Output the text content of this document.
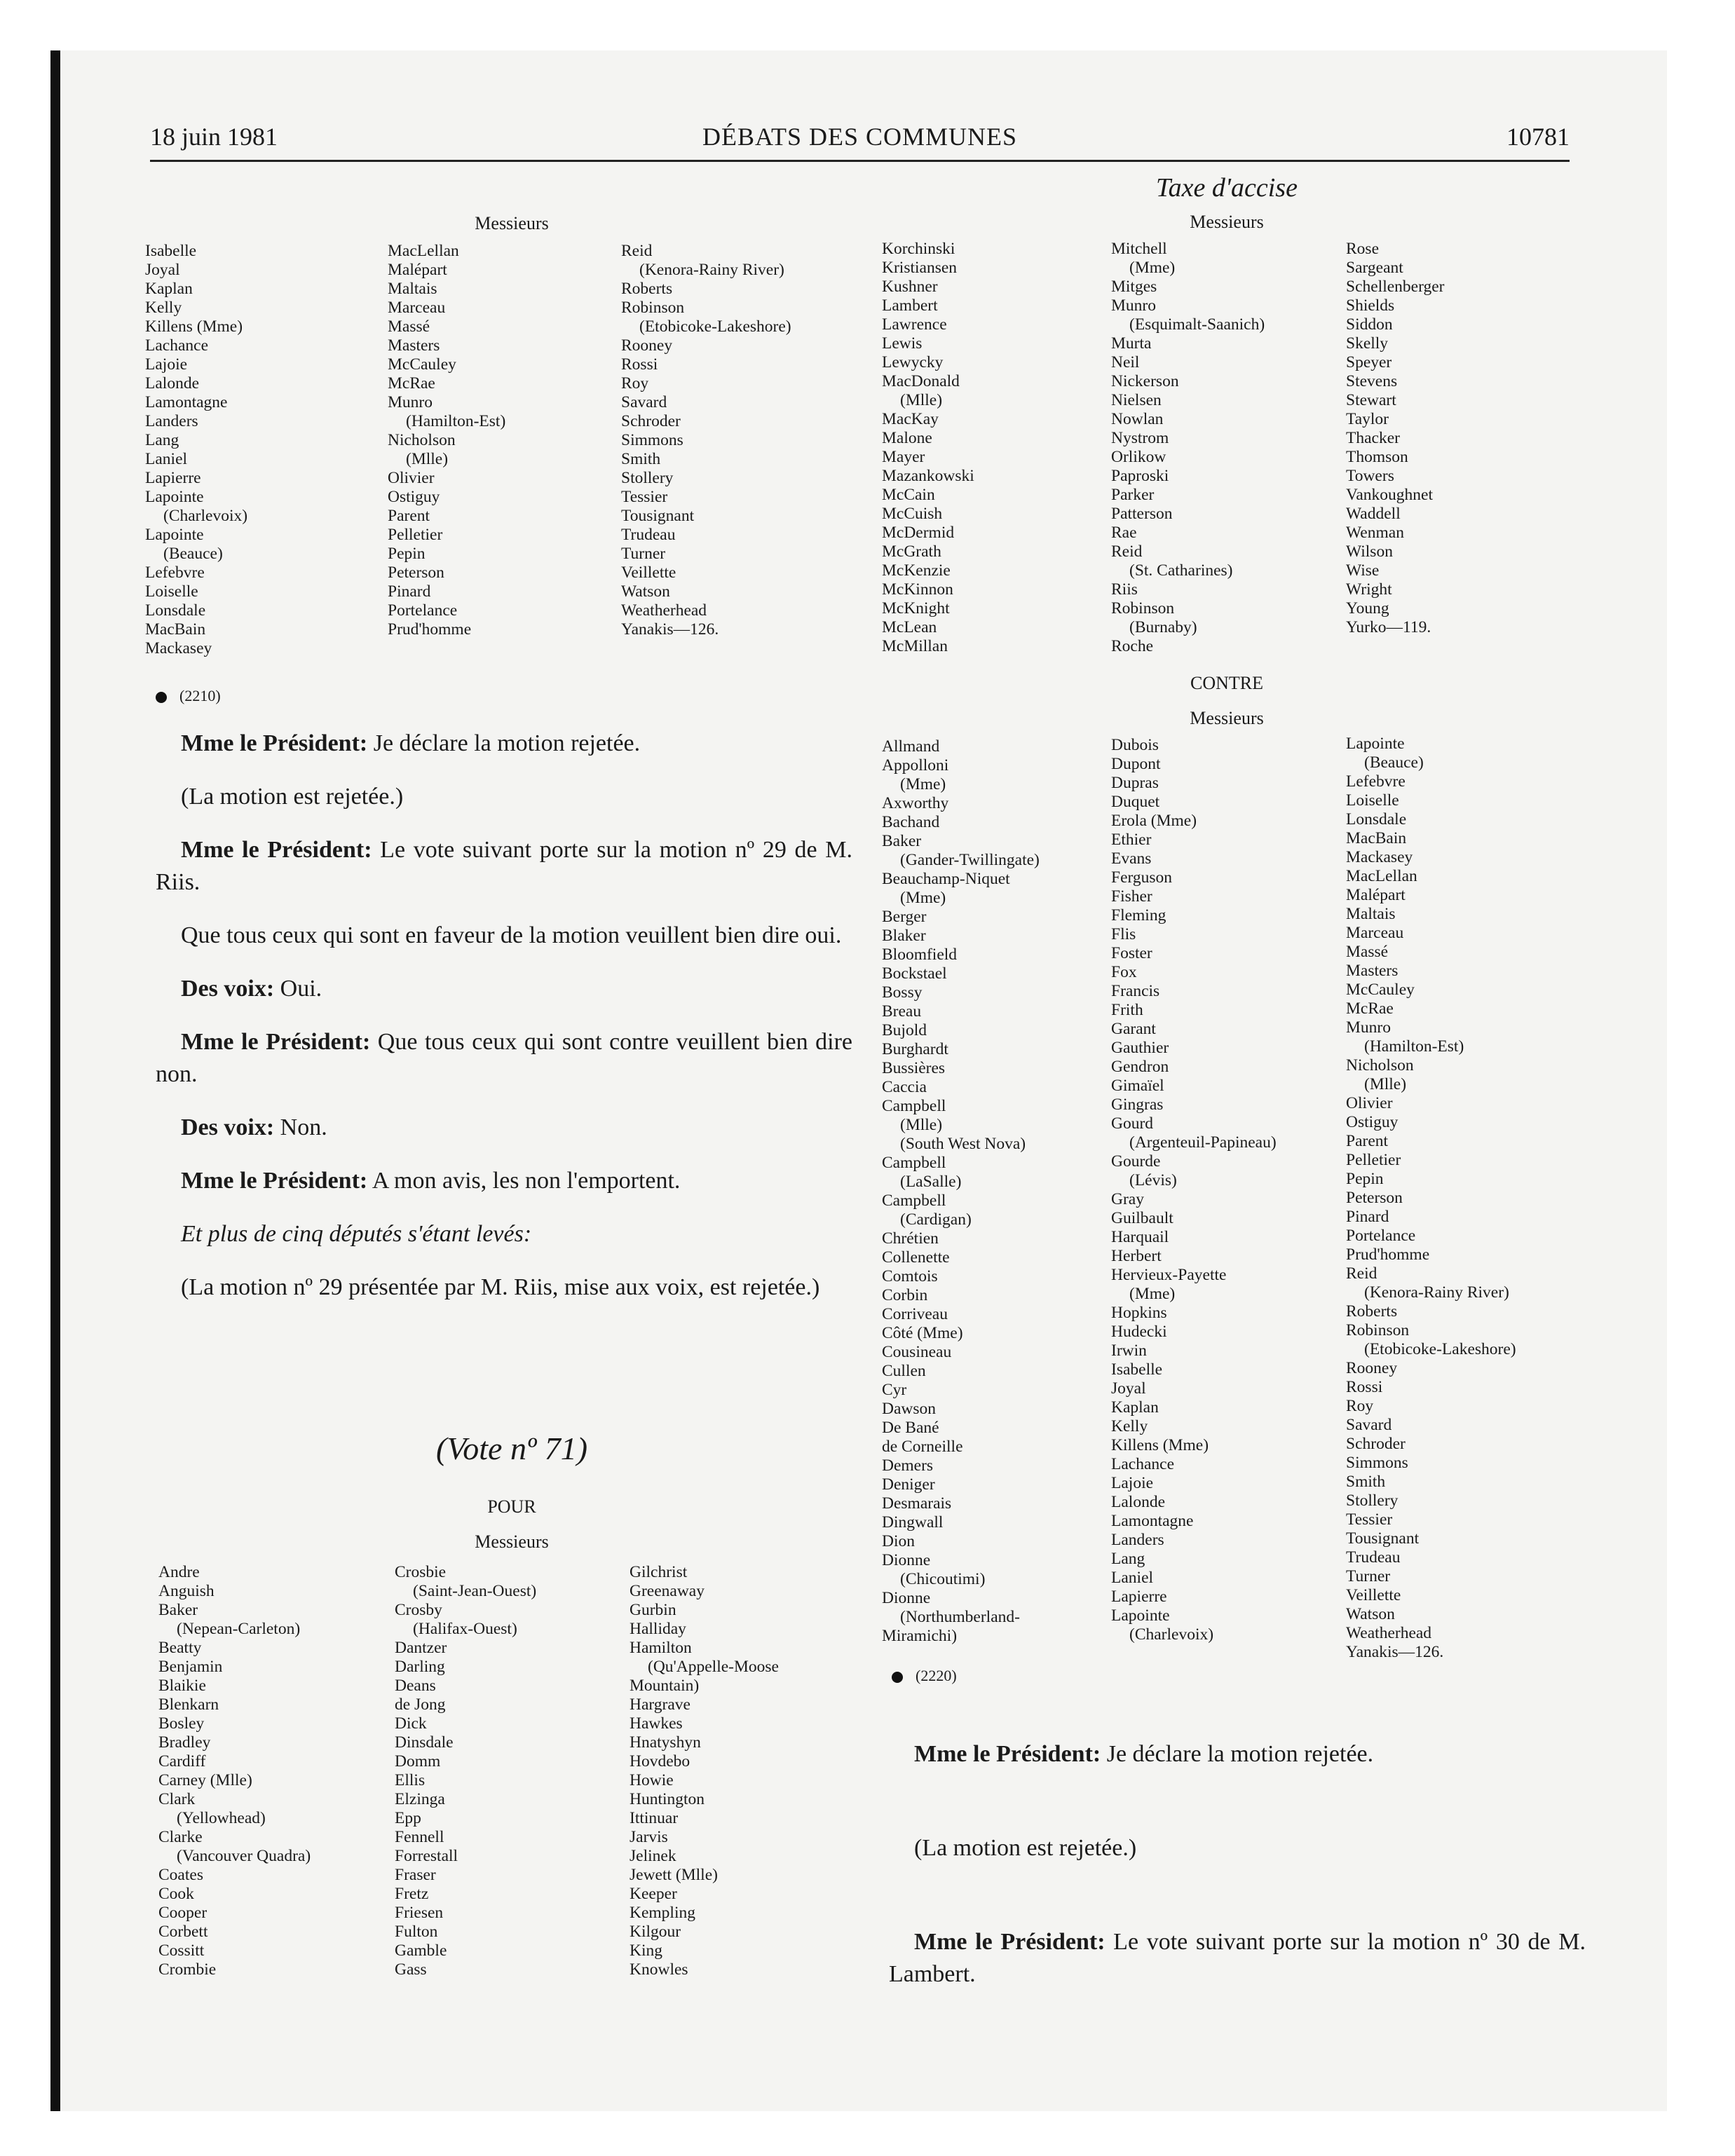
18 juin 1981	DÉBATS DES COMMUNES	10781
Taxe d'accise
Messieurs	Messieurs
Isabelle
Joyal
Kaplan
Kelly
Killens (Mme)
Lachance
Lajoie
Lalonde
Lamontagne
Landers
Lang
Laniel
Lapierre
Lapointe
(Charlevoix)
Lapointe
(Beauce)
Lefebvre
Loiselle
Lonsdale
MacBain
Mackasey
MacLellan
Malépart
Maltais
Marceau
Massé
Masters
McCauley
McRae
Munro
(Hamilton-Est)
Nicholson
(Mlle)
Olivier
Ostiguy
Parent
Pelletier
Pepin
Peterson
Pinard
Portelance
Prud'homme
Reid
(Kenora-Rainy River)
Roberts
Robinson
(Etobicoke-Lakeshore)
Rooney
Rossi
Roy
Savard
Schroder
Simmons
Smith
Stollery
Tessier
Tousignant
Trudeau
Turner
Veillette
Watson
Weatherhead
Yanakis—126.
Korchinski
Kristiansen
Kushner
Lambert
Lawrence
Lewis
Lewycky
MacDonald
(Mlle)
MacKay
Malone
Mayer
Mazankowski
McCain
McCuish
McDermid
McGrath
McKenzie
McKinnon
McKnight
McLean
McMillan
Mitchell
(Mme)
Mitges
Munro
(Esquimalt-Saanich)
Murta
Neil
Nickerson
Nielsen
Nowlan
Nystrom
Orlikow
Paproski
Parker
Patterson
Rae
Reid
(St. Catharines)
Riis
Robinson
(Burnaby)
Roche
Rose
Sargeant
Schellenberger
Shields
Siddon
Skelly
Speyer
Stevens
Stewart
Taylor
Thacker
Thomson
Towers
Vankoughnet
Waddell
Wenman
Wilson
Wise
Wright
Young
Yurko—119.
(2210)
Mme le Président: Je déclare la motion rejetée.
(La motion est rejetée.)
Mme le Président: Le vote suivant porte sur la motion nº 29 de M. Riis.
Que tous ceux qui sont en faveur de la motion veuillent bien dire oui.
Des voix: Oui.
Mme le Président: Que tous ceux qui sont contre veuillent bien dire non.
Des voix: Non.
Mme le Président: A mon avis, les non l'emportent.
Et plus de cinq députés s'étant levés:
(La motion nº 29 présentée par M. Riis, mise aux voix, est rejetée.)
(Vote nº 71)
POUR
Messieurs
Andre
Anguish
Baker
(Nepean-Carleton)
Beatty
Benjamin
Blaikie
Blenkarn
Bosley
Bradley
Cardiff
Carney (Mlle)
Clark
(Yellowhead)
Clarke
(Vancouver Quadra)
Coates
Cook
Cooper
Corbett
Cossitt
Crombie
Crosbie
(Saint-Jean-Ouest)
Crosby
(Halifax-Ouest)
Dantzer
Darling
Deans
de Jong
Dick
Dinsdale
Domm
Ellis
Elzinga
Epp
Fennell
Forrestall
Fraser
Fretz
Friesen
Fulton
Gamble
Gass
Gilchrist
Greenaway
Gurbin
Halliday
Hamilton
(Qu'Appelle-Moose
Mountain)
Hargrave
Hawkes
Hnatyshyn
Hovdebo
Howie
Huntington
Ittinuar
Jarvis
Jelinek
Jewett (Mlle)
Keeper
Kempling
Kilgour
King
Knowles
CONTRE
Messieurs
Allmand
Appolloni
(Mme)
Axworthy
Bachand
Baker
(Gander-Twillingate)
Beauchamp-Niquet
(Mme)
Berger
Blaker
Bloomfield
Bockstael
Bossy
Breau
Bujold
Burghardt
Bussières
Caccia
Campbell
(Mlle)
(South West Nova)
Campbell
(LaSalle)
Campbell
(Cardigan)
Chrétien
Collenette
Comtois
Corbin
Corriveau
Côté (Mme)
Cousineau
Cullen
Cyr
Dawson
De Bané
de Corneille
Demers
Deniger
Desmarais
Dingwall
Dion
Dionne
(Chicoutimi)
Dionne
(Northumberland-
Miramichi)
Dubois
Dupont
Dupras
Duquet
Erola (Mme)
Ethier
Evans
Ferguson
Fisher
Fleming
Flis
Foster
Fox
Francis
Frith
Garant
Gauthier
Gendron
Gimaïel
Gingras
Gourd
(Argenteuil-Papineau)
Gourde
(Lévis)
Gray
Guilbault
Harquail
Herbert
Hervieux-Payette
(Mme)
Hopkins
Hudecki
Irwin
Isabelle
Joyal
Kaplan
Kelly
Killens (Mme)
Lachance
Lajoie
Lalonde
Lamontagne
Landers
Lang
Laniel
Lapierre
Lapointe
(Charlevoix)
Lapointe
(Beauce)
Lefebvre
Loiselle
Lonsdale
MacBain
Mackasey
MacLellan
Malépart
Maltais
Marceau
Massé
Masters
McCauley
McRae
Munro
(Hamilton-Est)
Nicholson
(Mlle)
Olivier
Ostiguy
Parent
Pelletier
Pepin
Peterson
Pinard
Portelance
Prud'homme
Reid
(Kenora-Rainy River)
Roberts
Robinson
(Etobicoke-Lakeshore)
Rooney
Rossi
Roy
Savard
Schroder
Simmons
Smith
Stollery
Tessier
Tousignant
Trudeau
Turner
Veillette
Watson
Weatherhead
Yanakis—126.
(2220)
Mme le Président: Je déclare la motion rejetée.
(La motion est rejetée.)
Mme le Président: Le vote suivant porte sur la motion nº 30 de M. Lambert.
